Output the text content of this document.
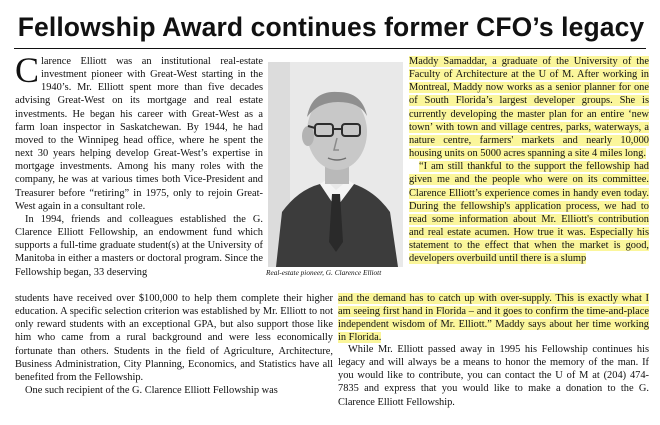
Fellowship Award continues former CFO’s legacy

Clarence Elliott was an institutional real-estate investment pioneer with Great-West starting in the 1940’s. Mr. Elliott spent more than five decades advising Great-West on its mortgage and real estate investments. He began his career with Great-West as a farm loan inspector in Saskatchewan. By 1944, he had moved to the Winnipeg head office, where he spent the next 30 years helping develop Great-West’s expertise in mortgage investments. Among his many roles with the company, he was at various times both Vice-President and Treasurer before “retiring” in 1975, only to rejoin Great-West again in a consultant role.

In 1994, friends and colleagues established the G. Clarence Elliott Fellowship, an endowment fund which supports a full-time graduate student(s) at the University of Manitoba in either a masters or doctoral program. Since the Fellowship began, 33 deserving	Real-estate pioneer, G. Clarence Elliott

Maddy Samaddar, a graduate of the University of the Faculty of Architecture at the U of M. After working in Montreal, Maddy now works as a senior planner for one of South Florida’s largest developer groups. She is currently developing the master plan for an entire ‘new town’ with town and village centres, parks, waterways, a nature centre, farmers' markets and nearly 10,000 housing units on 5000 acres spanning a site 4 miles long.

“I am still thankful to the support the fellowship had given me and the people who were on its committee. Clarence Elliott’s experience comes in handy even today. During the fellowship's application process, we had to read some information about Mr. Elliott's contribution and real estate acumen. How true it was. Especially his statement to the effect that when the market is good, developers overbuild until there is a slump

students have received over $100,000 to help them complete their higher education. A specific selection criterion was established by Mr. Elliott to not only reward students with an exceptional GPA, but also support those like him who came from a rural background and were less economically fortunate than others. Students in the field of Agriculture, Architecture, Business Administration, City Planning, Economics, and Statistics have all benefited from the Fellowship.

One such recipient of the G. Clarence Elliott Fellowship was

and the demand has to catch up with over-supply. This is exactly what I am seeing first hand in Florida – and it goes to confirm the time-and-place independent wisdom of Mr. Elliott.” Maddy says about her time working in Florida.

While Mr. Elliott passed away in 1995 his Fellowship continues his legacy and will always be a means to honor the memory of the man. If you would like to contribute, you can contact the U of M at (204) 474-7835 and express that you would like to make a donation to the G. Clarence Elliott Fellowship.
